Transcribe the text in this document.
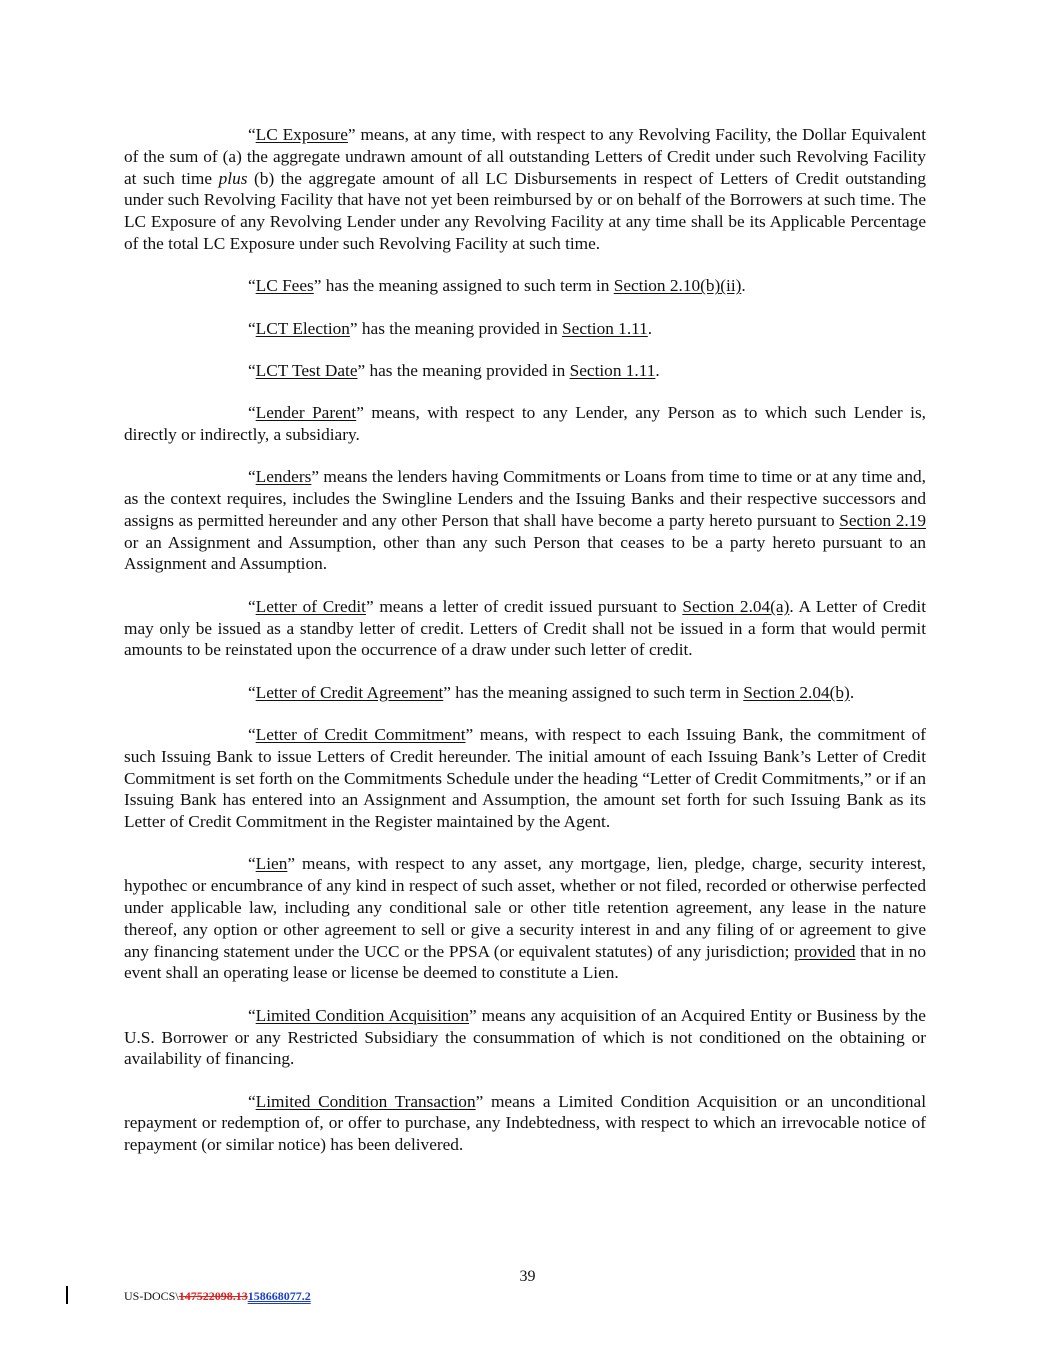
“LC Exposure” means, at any time, with respect to any Revolving Facility, the Dollar Equivalent of the sum of (a) the aggregate undrawn amount of all outstanding Letters of Credit under such Revolving Facility at such time plus (b) the aggregate amount of all LC Disbursements in respect of Letters of Credit outstanding under such Revolving Facility that have not yet been reimbursed by or on behalf of the Borrowers at such time. The LC Exposure of any Revolving Lender under any Revolving Facility at any time shall be its Applicable Percentage of the total LC Exposure under such Revolving Facility at such time.

“LC Fees” has the meaning assigned to such term in Section 2.10(b)(ii).

“LCT Election” has the meaning provided in Section 1.11.

“LCT Test Date” has the meaning provided in Section 1.11.

“Lender Parent” means, with respect to any Lender, any Person as to which such Lender is, directly or indirectly, a subsidiary.

“Lenders” means the lenders having Commitments or Loans from time to time or at any time and, as the context requires, includes the Swingline Lenders and the Issuing Banks and their respective successors and assigns as permitted hereunder and any other Person that shall have become a party hereto pursuant to Section 2.19 or an Assignment and Assumption, other than any such Person that ceases to be a party hereto pursuant to an Assignment and Assumption.

“Letter of Credit” means a letter of credit issued pursuant to Section 2.04(a). A Letter of Credit may only be issued as a standby letter of credit. Letters of Credit shall not be issued in a form that would permit amounts to be reinstated upon the occurrence of a draw under such letter of credit.

“Letter of Credit Agreement” has the meaning assigned to such term in Section 2.04(b).

“Letter of Credit Commitment” means, with respect to each Issuing Bank, the commitment of such Issuing Bank to issue Letters of Credit hereunder. The initial amount of each Issuing Bank’s Letter of Credit Commitment is set forth on the Commitments Schedule under the heading “Letter of Credit Commitments,” or if an Issuing Bank has entered into an Assignment and Assumption, the amount set forth for such Issuing Bank as its Letter of Credit Commitment in the Register maintained by the Agent.

“Lien” means, with respect to any asset, any mortgage, lien, pledge, charge, security interest, hypothec or encumbrance of any kind in respect of such asset, whether or not filed, recorded or otherwise perfected under applicable law, including any conditional sale or other title retention agreement, any lease in the nature thereof, any option or other agreement to sell or give a security interest in and any filing of or agreement to give any financing statement under the UCC or the PPSA (or equivalent statutes) of any jurisdiction; provided that in no event shall an operating lease or license be deemed to constitute a Lien.

“Limited Condition Acquisition” means any acquisition of an Acquired Entity or Business by the U.S. Borrower or any Restricted Subsidiary the consummation of which is not conditioned on the obtaining or availability of financing.

“Limited Condition Transaction” means a Limited Condition Acquisition or an unconditional repayment or redemption of, or offer to purchase, any Indebtedness, with respect to which an irrevocable notice of repayment (or similar notice) has been delivered.

39
US-DOCS\147522098.13158668077.2
